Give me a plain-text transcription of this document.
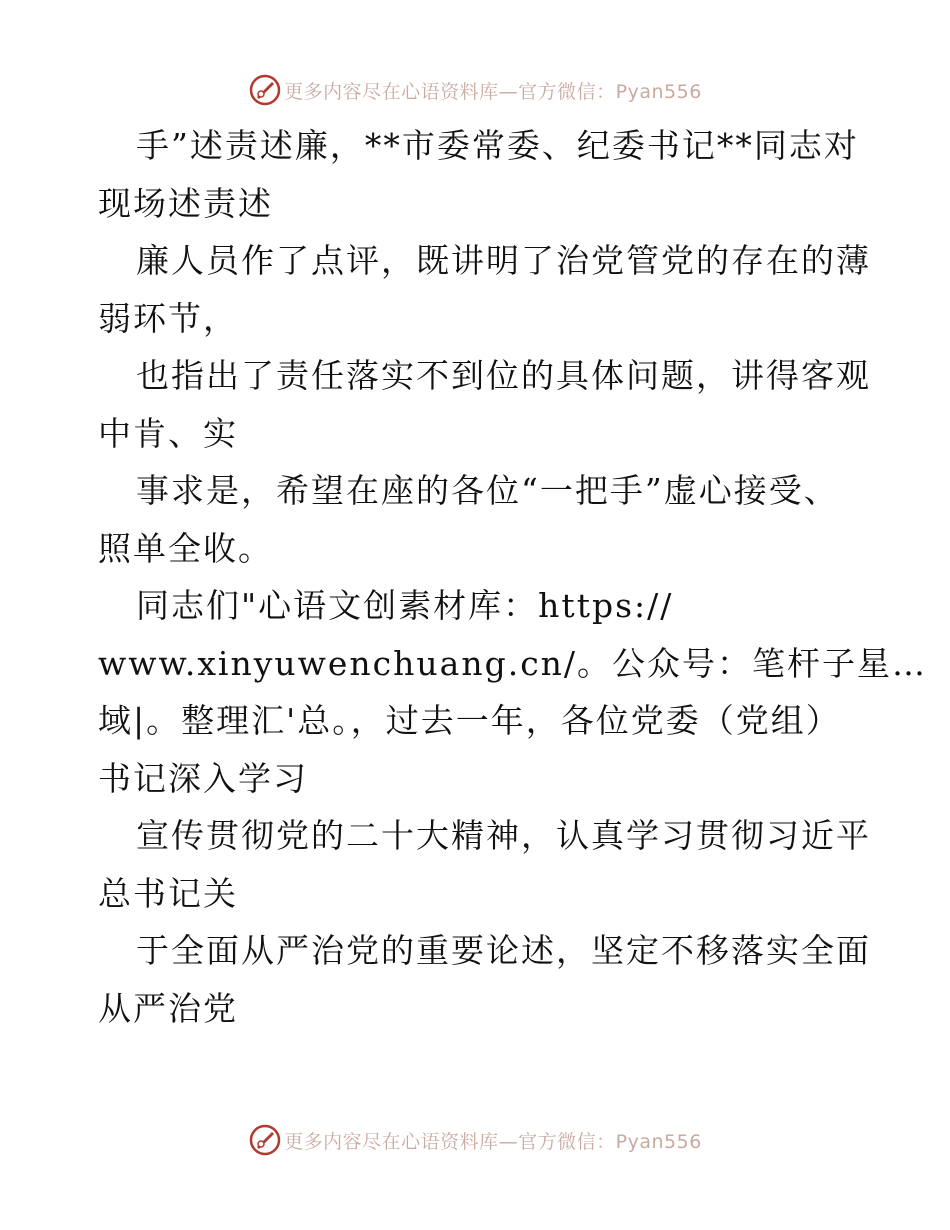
更多内容尽在心语资料库—官方微信：Pyan556
手”述责述廉，**市委常委、纪委书记**同志对
现场述责述
廉人员作了点评，既讲明了治党管党的存在的薄
弱环节，
也指出了责任落实不到位的具体问题，讲得客观
中肯、实
事求是，希望在座的各位“一把手”虚心接受、
照单全收。
同志们"心语文创素材库：https://
www.xinyuwenchuang.cn/。公众号：笔杆子星…
域|。整理汇'总。，过去一年，各位党委（党组）
书记深入学习
宣传贯彻党的二十大精神，认真学习贯彻习近平
总书记关
于全面从严治党的重要论述，坚定不移落实全面
从严治党
更多内容尽在心语资料库—官方微信：Pyan556
